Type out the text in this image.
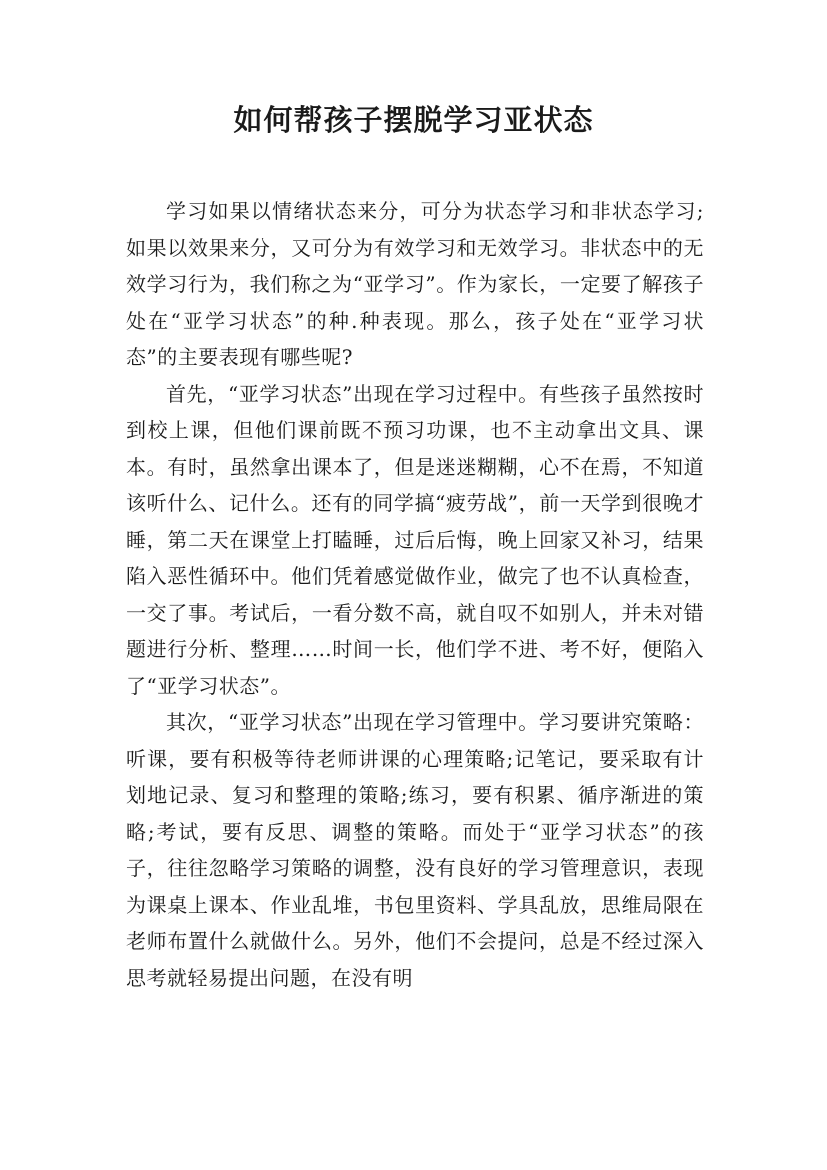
如何帮孩子摆脱学习亚状态

学习如果以情绪状态来分，可分为状态学习和非状态学习;如果以效果来分，又可分为有效学习和无效学习。非状态中的无效学习行为，我们称之为“亚学习”。作为家长，一定要了解孩子处在“亚学习状态”的种.种表现。那么，孩子处在“亚学习状态”的主要表现有哪些呢?

首先，“亚学习状态”出现在学习过程中。有些孩子虽然按时到校上课，但他们课前既不预习功课，也不主动拿出文具、课本。有时，虽然拿出课本了，但是迷迷糊糊，心不在焉，不知道该听什么、记什么。还有的同学搞“疲劳战”，前一天学到很晚才睡，第二天在课堂上打瞌睡，过后后悔，晚上回家又补习，结果陷入恶性循环中。他们凭着感觉做作业，做完了也不认真检查，一交了事。考试后，一看分数不高，就自叹不如别人，并未对错题进行分析、整理……时间一长，他们学不进、考不好，便陷入了“亚学习状态”。

其次，“亚学习状态”出现在学习管理中。学习要讲究策略：听课，要有积极等待老师讲课的心理策略;记笔记，要采取有计划地记录、复习和整理的策略;练习，要有积累、循序渐进的策略;考试，要有反思、调整的策略。而处于“亚学习状态”的孩子，往往忽略学习策略的调整，没有良好的学习管理意识，表现为课桌上课本、作业乱堆，书包里资料、学具乱放，思维局限在老师布置什么就做什么。另外，他们不会提问，总是不经过深入思考就轻易提出问题，在没有明
